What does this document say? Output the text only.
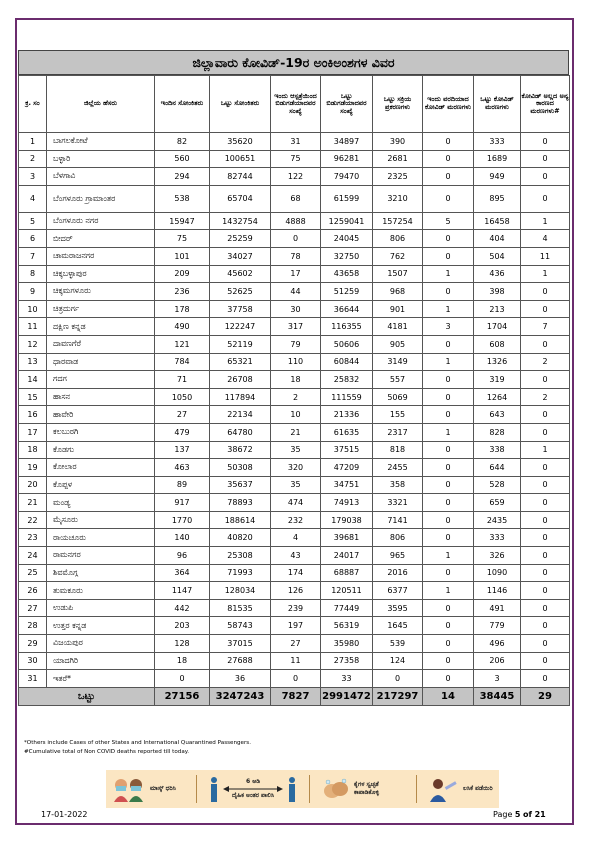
ಜಿಲ್ಲಾವಾರು ಕೋವಿಡ್-19ರ ಅಂಕಿಅಂಶಗಳ ವಿವರ
ಕ್ರ. ಸಂ	ಜಿಲ್ಲೆಯ ಹೆಸರು	ಇಂದಿನ ಸೋಂಕಿತರು	ಒಟ್ಟು ಸೋಂಕಿತರು	ಇಂದು ಆಸ್ಪತ್ರೆಯಿಂದ ಬಿಡುಗಡೆಯಾದವರ ಸಂಖ್ಯೆ	ಒಟ್ಟು ಬಿಡುಗಡೆಯಾದವರ ಸಂಖ್ಯೆ	ಒಟ್ಟು ಸಕ್ರಿಯ ಪ್ರಕರಣಗಳು	ಇಂದು ವರದಿಯಾದ ಕೋವಿಡ್ ಮರಣಗಳು	ಒಟ್ಟು ಕೋವಿಡ್ ಮರಣಗಳು	ಕೋವಿಡ್ ಅಲ್ಲದ ಅನ್ಯ ಕಾರಣದ ಮರಣಗಳು#
1	ಬಾಗಲಕೋಟೆ	82	35620	31	34897	390	0	333	0
2	ಬಳ್ಳಾರಿ	560	100651	75	96281	2681	0	1689	0
3	ಬೆಳಗಾವಿ	294	82744	122	79470	2325	0	949	0
4	ಬೆಂಗಳೂರು ಗ್ರಾಮಾಂತರ	538	65704	68	61599	3210	0	895	0
5	ಬೆಂಗಳೂರು ನಗರ	15947	1432754	4888	1259041	157254	5	16458	1
6	ಬೀದರ್	75	25259	0	24045	806	0	404	4
7	ಚಾಮರಾಜನಗರ	101	34027	78	32750	762	0	504	11
8	ಚಿಕ್ಕಬಳ್ಳಾಪುರ	209	45602	17	43658	1507	1	436	1
9	ಚಿಕ್ಕಮಗಳೂರು	236	52625	44	51259	968	0	398	0
10	ಚಿತ್ರದುರ್ಗ	178	37758	30	36644	901	1	213	0
11	ದಕ್ಷಿಣ ಕನ್ನಡ	490	122247	317	116355	4181	3	1704	7
12	ದಾವಣಗೆರೆ	121	52119	79	50606	905	0	608	0
13	ಧಾರವಾಡ	784	65321	110	60844	3149	1	1326	2
14	ಗದಗ	71	26708	18	25832	557	0	319	0
15	ಹಾಸನ	1050	117894	2	111559	5069	0	1264	2
16	ಹಾವೇರಿ	27	22134	10	21336	155	0	643	0
17	ಕಲಬುರಗಿ	479	64780	21	61635	2317	1	828	0
18	ಕೊಡಗು	137	38672	35	37515	818	0	338	1
19	ಕೋಲಾರ	463	50308	320	47209	2455	0	644	0
20	ಕೊಪ್ಪಳ	89	35637	35	34751	358	0	528	0
21	ಮಂಡ್ಯ	917	78893	474	74913	3321	0	659	0
22	ಮೈಸೂರು	1770	188614	232	179038	7141	0	2435	0
23	ರಾಯಚೂರು	140	40820	4	39681	806	0	333	0
24	ರಾಮನಗರ	96	25308	43	24017	965	1	326	0
25	ಶಿವಮೊಗ್ಗ	364	71993	174	68887	2016	0	1090	0
26	ತುಮಕೂರು	1147	128034	126	120511	6377	1	1146	0
27	ಉಡುಪಿ	442	81535	239	77449	3595	0	491	0
28	ಉತ್ತರ ಕನ್ನಡ	203	58743	197	56319	1645	0	779	0
29	ವಿಜಯಪುರ	128	37015	27	35980	539	0	496	0
30	ಯಾದಗಿರಿ	18	27688	11	27358	124	0	206	0
31	ಇತರೆ*	0	36	0	33	0	0	3	0
ಒಟ್ಟು		27156	3247243	7827	2991472	217297	14	38445	29
*Others include Cases of other States and International Quarantined Passengers.
#Cumulative total of Non COVID deaths reported till today.
ಮಾಸ್ಕ್ ಧರಿಸಿ
6 ಅಡಿ
ದೈಹಿಕ ಅಂತರ ಪಾಲಿಸಿ
ಕೈಗಳ ಸ್ವಚ್ಛತೆ ಕಾಪಾಡಿಕೊಳ್ಳಿ
ಲಸಿಕೆ ಪಡೆಯಿರಿ
17-01-2022	Page 5 of 21
